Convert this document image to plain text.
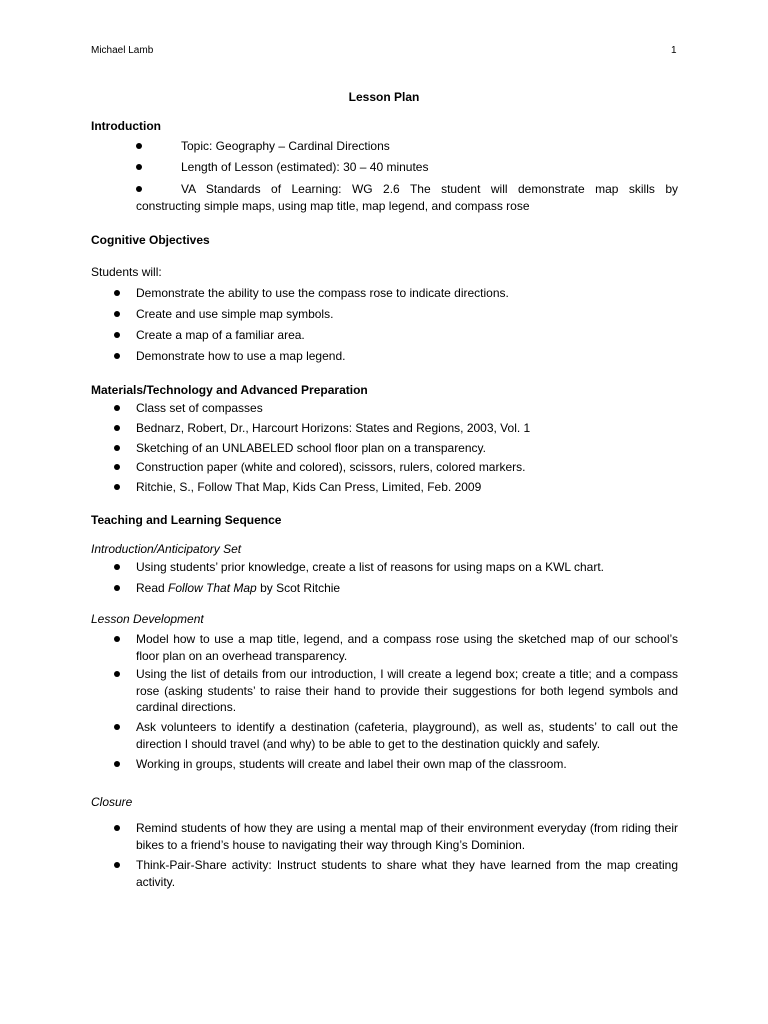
Michael Lamb	1
Lesson Plan
Introduction
Topic: Geography – Cardinal Directions
Length of Lesson (estimated): 30 – 40 minutes
VA Standards of Learning: WG 2.6 The student will demonstrate map skills by
constructing simple maps, using map title, map legend, and compass rose
Cognitive Objectives
Students will:
Demonstrate the ability to use the compass rose to indicate directions.
Create and use simple map symbols.
Create a map of a familiar area.
Demonstrate how to use a map legend.
Materials/Technology and Advanced Preparation
Class set of compasses
Bednarz, Robert, Dr., Harcourt Horizons: States and Regions, 2003, Vol. 1
Sketching of an UNLABELED school floor plan on a transparency.
Construction paper (white and colored), scissors, rulers, colored markers.
Ritchie, S., Follow That Map, Kids Can Press, Limited, Feb. 2009
Teaching and Learning Sequence
Introduction/Anticipatory Set
Using students’ prior knowledge, create a list of reasons for using maps on a KWL chart.
Read Follow That Map by Scot Ritchie
Lesson Development
Model how to use a map title, legend, and a compass rose using the sketched map of our school’s floor plan on an overhead transparency.
Using the list of details from our introduction, I will create a legend box; create a title; and a compass rose (asking students’ to raise their hand to provide their suggestions for both legend symbols and cardinal directions.
Ask volunteers to identify a destination (cafeteria, playground), as well as, students’ to call out the direction I should travel (and why) to be able to get to the destination quickly and safely.
Working in groups, students will create and label their own map of the classroom.
Closure
Remind students of how they are using a mental map of their environment everyday (from riding their bikes to a friend’s house to navigating their way through King’s Dominion.
Think-Pair-Share activity: Instruct students to share what they have learned from the map creating activity.
